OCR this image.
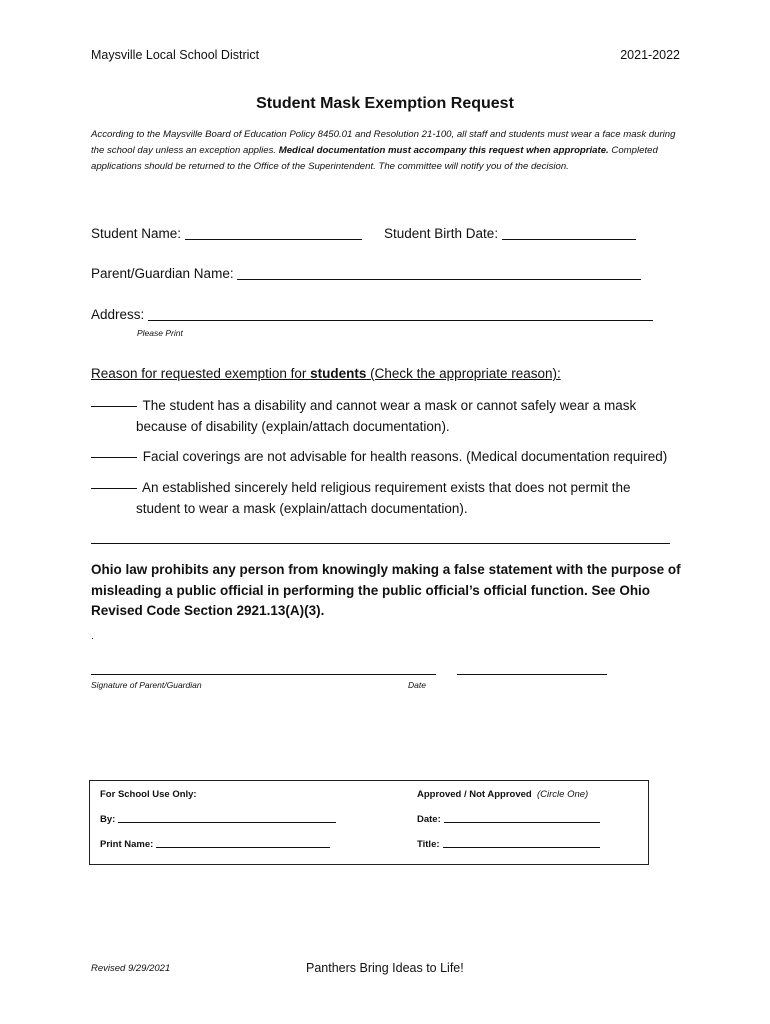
Maysville Local School District	2021-2022
Student Mask Exemption Request
According to the Maysville Board of Education Policy 8450.01 and Resolution 21-100, all staff and students must wear a face mask during the school day unless an exception applies. Medical documentation must accompany this request when appropriate. Completed applications should be returned to the Office of the Superintendent. The committee will notify you of the decision.
Student Name:	Student Birth Date:
Parent/Guardian Name:
Address:
Please Print
Reason for requested exemption for students (Check the appropriate reason):
The student has a disability and cannot wear a mask or cannot safely wear a mask
because of disability (explain/attach documentation).
Facial coverings are not advisable for health reasons. (Medical documentation required)
An established sincerely held religious requirement exists that does not permit the
student to wear a mask (explain/attach documentation).
Ohio law prohibits any person from knowingly making a false statement with the purpose of misleading a public official in performing the public official’s official function. See Ohio Revised Code Section 2921.13(A)(3).
.
Signature of Parent/Guardian	Date
For School Use Only:	Approved / Not Approved (Circle One)
By:	Date:
Print Name:	Title:
Revised 9/29/2021	Panthers Bring Ideas to Life!
